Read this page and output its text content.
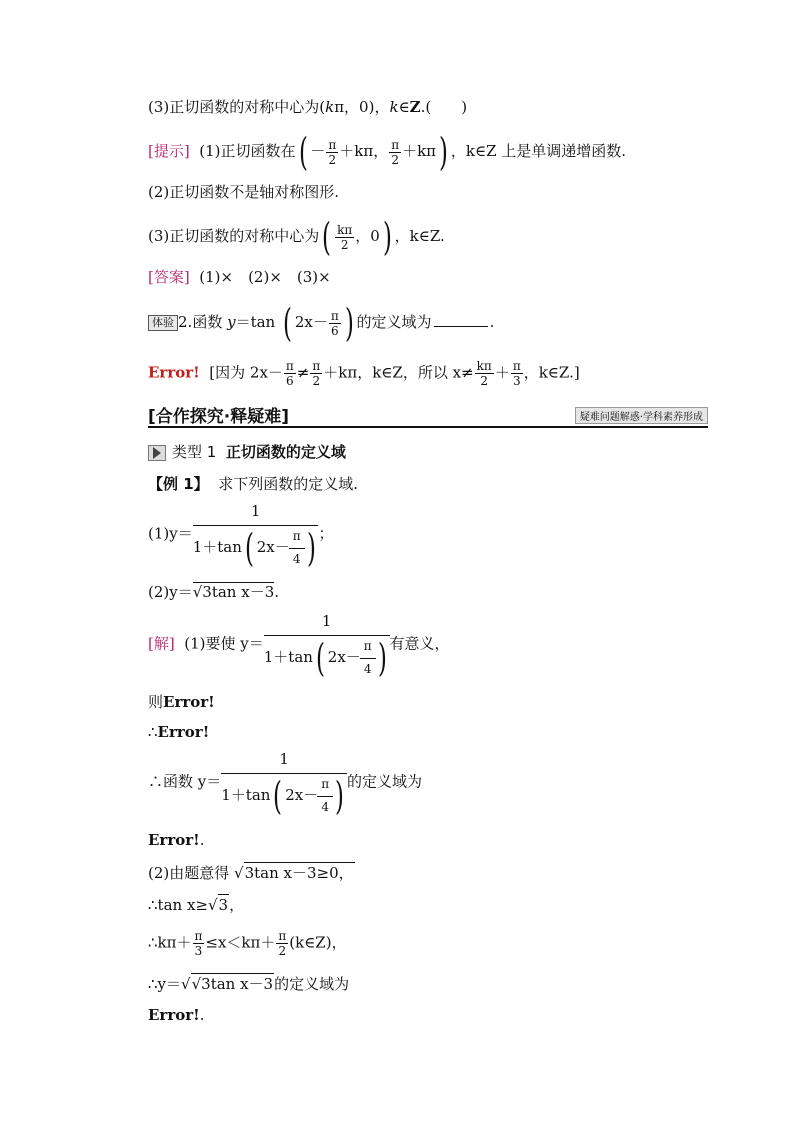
(3)正切函数的对称中心为(kπ，0)，k∈Z.(　　)
[提示] (1)正切函数在( － $\frac{\pi}{2} +k\pi$， $\frac{\pi}{2} +k\pi$) ，k∈Z 上是单调递增函数.
(2)正切函数不是轴对称图形.
(3)正切函数的对称中心为( $\frac{k\pi}{2}$ ，0) ，k∈Z.
[答案] (1)×　(2)×　(3)×
体验 2.函数 y＝tan ( $2x- \frac{\pi}{6}$ ) 的定义域为	.
Error! [因为 $2x- \frac{\pi}{6} \ne \frac{\pi}{2} +k\pi$，k∈Z，所以 $x\ne \frac{k\pi}{2} + \frac{\pi}{3}$ ，k∈Z.]
[合作探究·释疑难]	疑难问题解惑·学科素养形成
类型 1 正切函数的定义域
【例 1】 求下列函数的定义域.
$(1)y= \frac{1}{1+\tan ( 2x- \frac{\pi}{4} )}$ ；
(2)y＝√3tan x－3.
[解] (1)要使 $y= \frac{1}{1+\tan ( 2x- \frac{\pi}{4} )}$ 有意义，
则Error!
∴Error!
∴函数 $y= \frac{1}{1+\tan ( 2x- \frac{\pi}{4} )}$ 的定义域为
Error!.
(2)由题意得 √3tan x－3≥0，
∴tan x≥√3，
∴kπ＋ $\frac{\pi}{3} \le x<k\pi+ \frac{\pi}{2}$ (k∈Z)，
∴y＝√√3tan x－3的定义域为
Error!.
